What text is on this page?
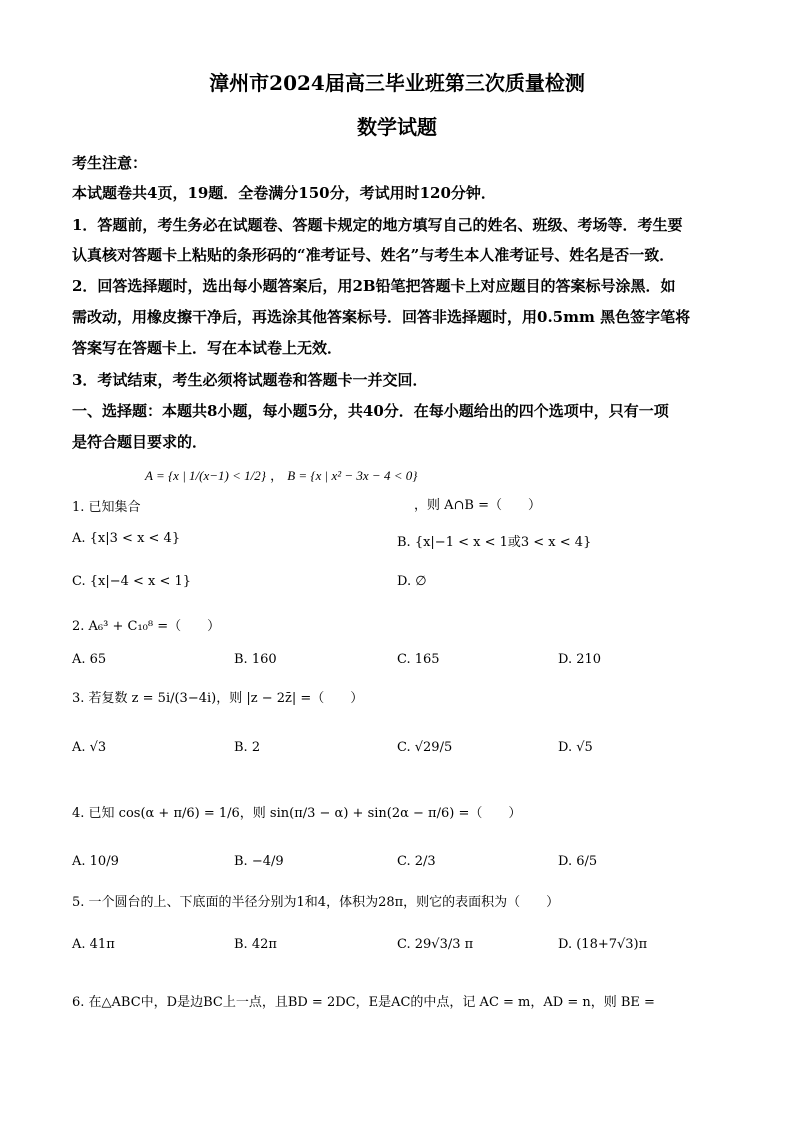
漳州市2024届高三毕业班第三次质量检测
数学试题
考生注意：
本试题卷共4页，19题．全卷满分150分，考试用时120分钟．
1．答题前，考生务必在试题卷、答题卡规定的地方填写自己的姓名、班级、考场等．考生要
认真核对答题卡上粘贴的条形码的“准考证号、姓名”与考生本人准考证号、姓名是否一致．
2．回答选择题时，选出每小题答案后，用2B铅笔把答题卡上对应题目的答案标号涂黑．如
需改动，用橡皮擦干净后，再选涂其他答案标号．回答非选择题时，用0.5mm 黑色签字笔将
答案写在答题卡上．写在本试卷上无效．
3．考试结束，考生必须将试题卷和答题卡一并交回．
一、选择题：本题共8小题，每小题5分，共40分．在每小题给出的四个选项中，只有一项
是符合题目要求的．
A = {x | 1/(x−1) < 1/2} ， B = {x | x² − 3x − 4 < 0}
1. 已知集合	，则 A∩B =（　　）
A. {x|3 < x < 4}	B. {x|−1 < x < 1或3 < x < 4}
C. {x|−4 < x < 1}	D. ∅
2. A₆³ + C₁₀⁸ =（　　）
A. 65	B. 160	C. 165	D. 210
3. 若复数 z = 5i/(3−4i)，则 |z − 2z̄| =（　　）
A. √3	B. 2	C. √29/5	D. √5
4. 已知 cos(α + π/6) = 1/6，则 sin(π/3 − α) + sin(2α − π/6) =（　　）
A. 10/9	B. −4/9	C. 2/3	D. 6/5
5. 一个圆台的上、下底面的半径分别为1和4，体积为28π，则它的表面积为（　　）
A. 41π	B. 42π	C. 29√3/3 π	D. (18+7√3)π
6. 在△ABC中，D是边BC上一点，且BD = 2DC，E是AC的中点，记 AC = m，AD = n，则 BE =
